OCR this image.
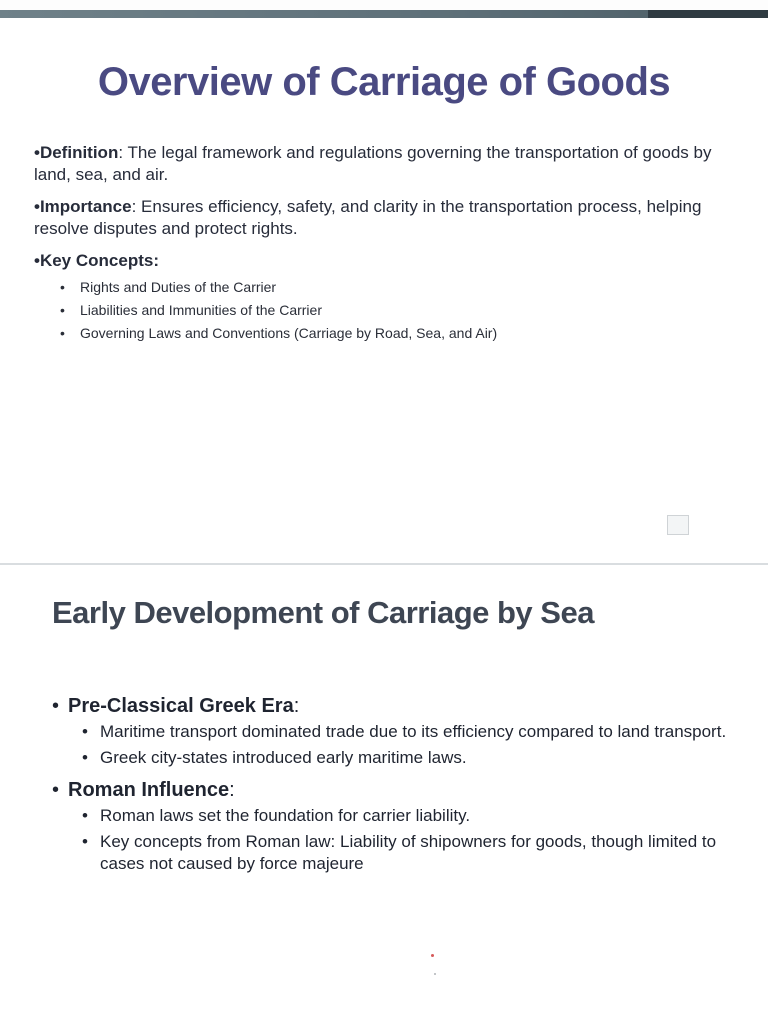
Overview of Carriage of Goods

•Definition: The legal framework and regulations governing the transportation of goods by land, sea, and air.

•Importance: Ensures efficiency, safety, and clarity in the transportation process, helping resolve disputes and protect rights.

•Key Concepts:

• Rights and Duties of the Carrier
• Liabilities and Immunities of the Carrier
• Governing Laws and Conventions (Carriage by Road, Sea, and Air)
Early Development of Carriage by Sea

• Pre-Classical Greek Era:

• Maritime transport dominated trade due to its efficiency compared to land transport.
• Greek city-states introduced early maritime laws.

• Roman Influence:

• Roman laws set the foundation for carrier liability.
• Key concepts from Roman law: Liability of shipowners for goods, though limited to cases not caused by force majeure
